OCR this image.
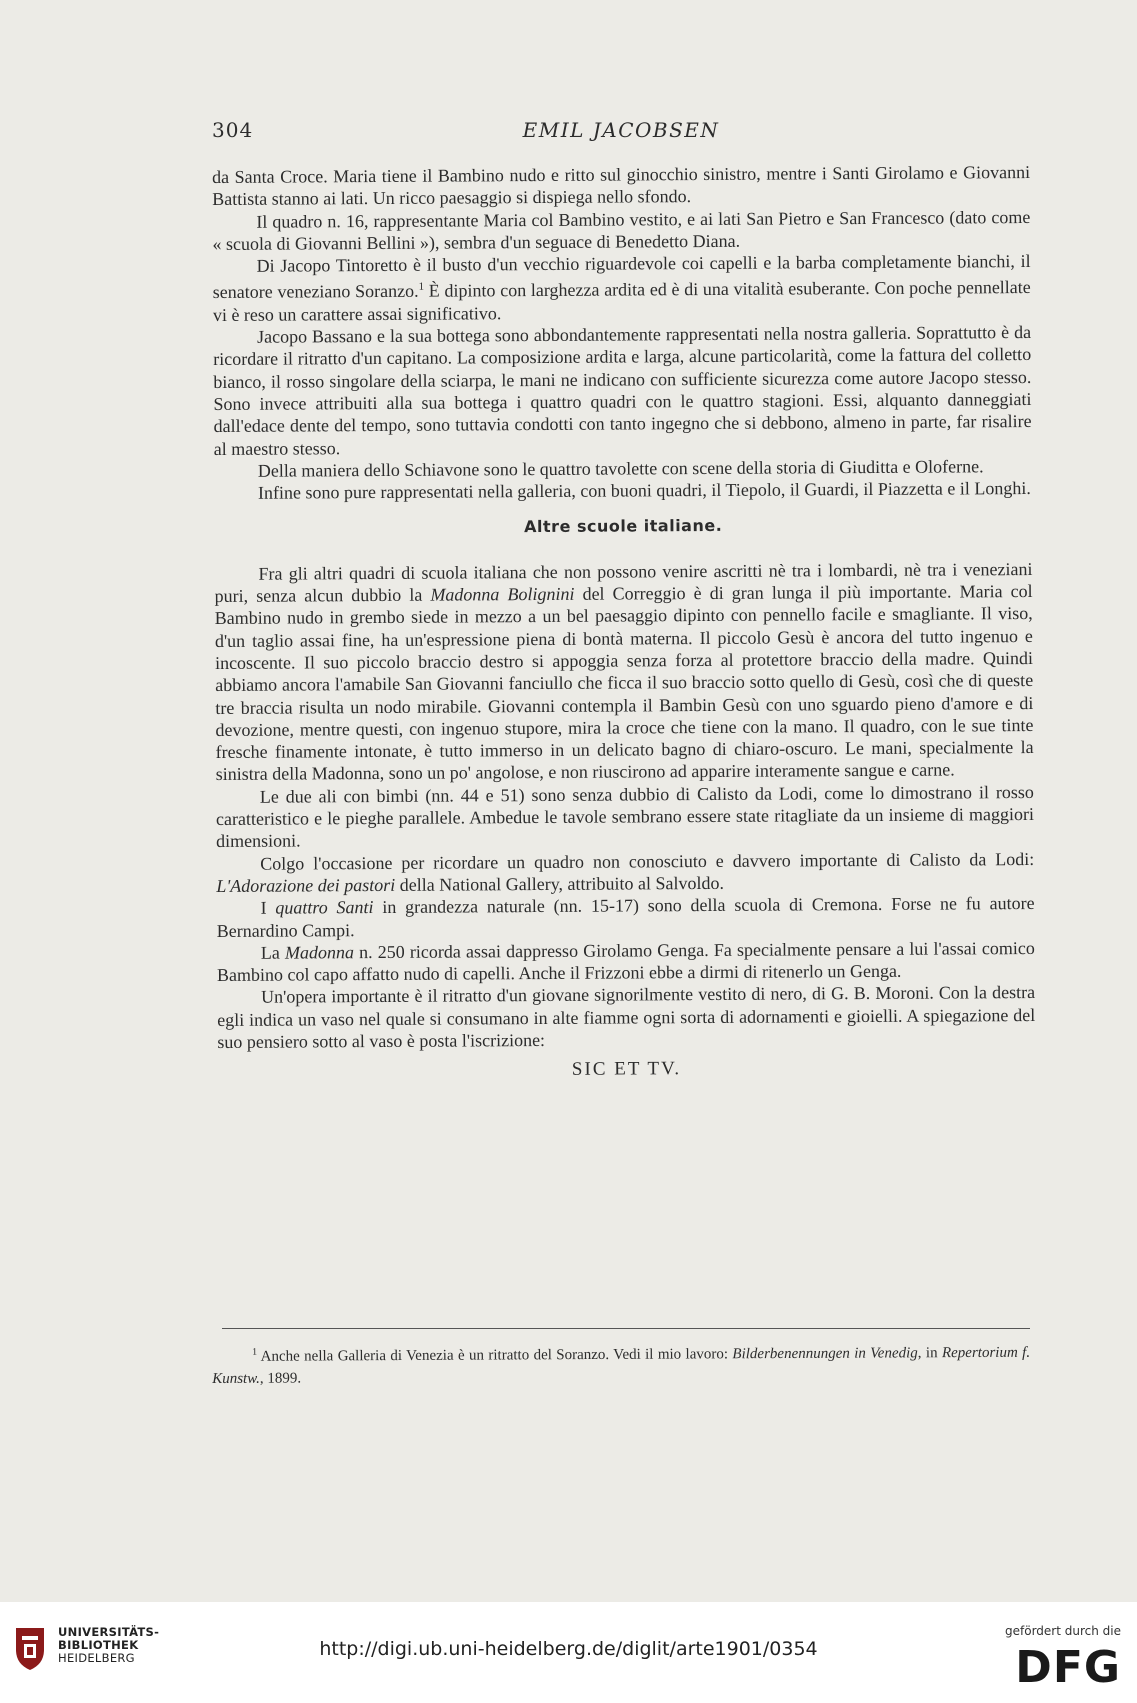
304	EMIL JACOBSEN

da Santa Croce. Maria tiene il Bambino nudo e ritto sul ginocchio sinistro, mentre i Santi Girolamo e Giovanni Battista stanno ai lati. Un ricco paesaggio si dispiega nello sfondo.

Il quadro n. 16, rappresentante Maria col Bambino vestito, e ai lati San Pietro e San Francesco (dato come « scuola di Giovanni Bellini »), sembra d'un seguace di Benedetto Diana.

Di Jacopo Tintoretto è il busto d'un vecchio riguardevole coi capelli e la barba completamente bianchi, il senatore veneziano Soranzo.$^1$ È dipinto con larghezza ardita ed è di una vitalità esuberante. Con poche pennellate vi è reso un carattere assai significativo.

Jacopo Bassano e la sua bottega sono abbondantemente rappresentati nella nostra galleria. Soprattutto è da ricordare il ritratto d'un capitano. La composizione ardita e larga, alcune particolarità, come la fattura del colletto bianco, il rosso singolare della sciarpa, le mani ne indicano con sufficiente sicurezza come autore Jacopo stesso. Sono invece attribuiti alla sua bottega i quattro quadri con le quattro stagioni. Essi, alquanto danneggiati dall'edace dente del tempo, sono tuttavia condotti con tanto ingegno che si debbono, almeno in parte, far risalire al maestro stesso.

Della maniera dello Schiavone sono le quattro tavolette con scene della storia di Giuditta e Oloferne.

Infine sono pure rappresentati nella galleria, con buoni quadri, il Tiepolo, il Guardi, il Piazzetta e il Longhi.

Altre scuole italiane.

Fra gli altri quadri di scuola italiana che non possono venire ascritti nè tra i lombardi, nè tra i veneziani puri, senza alcun dubbio la Madonna Bolignini del Correggio è di gran lunga il più importante. Maria col Bambino nudo in grembo siede in mezzo a un bel paesaggio dipinto con pennello facile e smagliante. Il viso, d'un taglio assai fine, ha un'espressione piena di bontà materna. Il piccolo Gesù è ancora del tutto ingenuo e incoscente. Il suo piccolo braccio destro si appoggia senza forza al protettore braccio della madre. Quindi abbiamo ancora l'amabile San Giovanni fanciullo che ficca il suo braccio sotto quello di Gesù, così che di queste tre braccia risulta un nodo mirabile. Giovanni contempla il Bambin Gesù con uno sguardo pieno d'amore e di devozione, mentre questi, con ingenuo stupore, mira la croce che tiene con la mano. Il quadro, con le sue tinte fresche finamente intonate, è tutto immerso in un delicato bagno di chiaro-oscuro. Le mani, specialmente la sinistra della Madonna, sono un po' angolose, e non riuscirono ad apparire interamente sangue e carne.

Le due ali con bimbi (nn. 44 e 51) sono senza dubbio di Calisto da Lodi, come lo dimostrano il rosso caratteristico e le pieghe parallele. Ambedue le tavole sembrano essere state ritagliate da un insieme di maggiori dimensioni.

Colgo l'occasione per ricordare un quadro non conosciuto e davvero importante di Calisto da Lodi: L'Adorazione dei pastori della National Gallery, attribuito al Salvoldo.

I quattro Santi in grandezza naturale (nn. 15-17) sono della scuola di Cremona. Forse ne fu autore Bernardino Campi.

La Madonna n. 250 ricorda assai dappresso Girolamo Genga. Fa specialmente pensare a lui l'assai comico Bambino col capo affatto nudo di capelli. Anche il Frizzoni ebbe a dirmi di ritenerlo un Genga.

Un'opera importante è il ritratto d'un giovane signorilmente vestito di nero, di G. B. Moroni. Con la destra egli indica un vaso nel quale si consumano in alte fiamme ogni sorta di adornamenti e gioielli. A spiegazione del suo pensiero sotto al vaso è posta l'iscrizione:

SIC ET TV.
$^1$ Anche nella Galleria di Venezia è un ritratto del Soranzo. Vedi il mio lavoro: Bilderbenennungen in Venedig, in Repertorium f. Kunstw., 1899.
UNIVERSITÄTS-
BIBLIOTHEK
HEIDELBERG	http://digi.ub.uni-heidelberg.de/diglit/arte1901/0354
gefördert durch die
DFG
